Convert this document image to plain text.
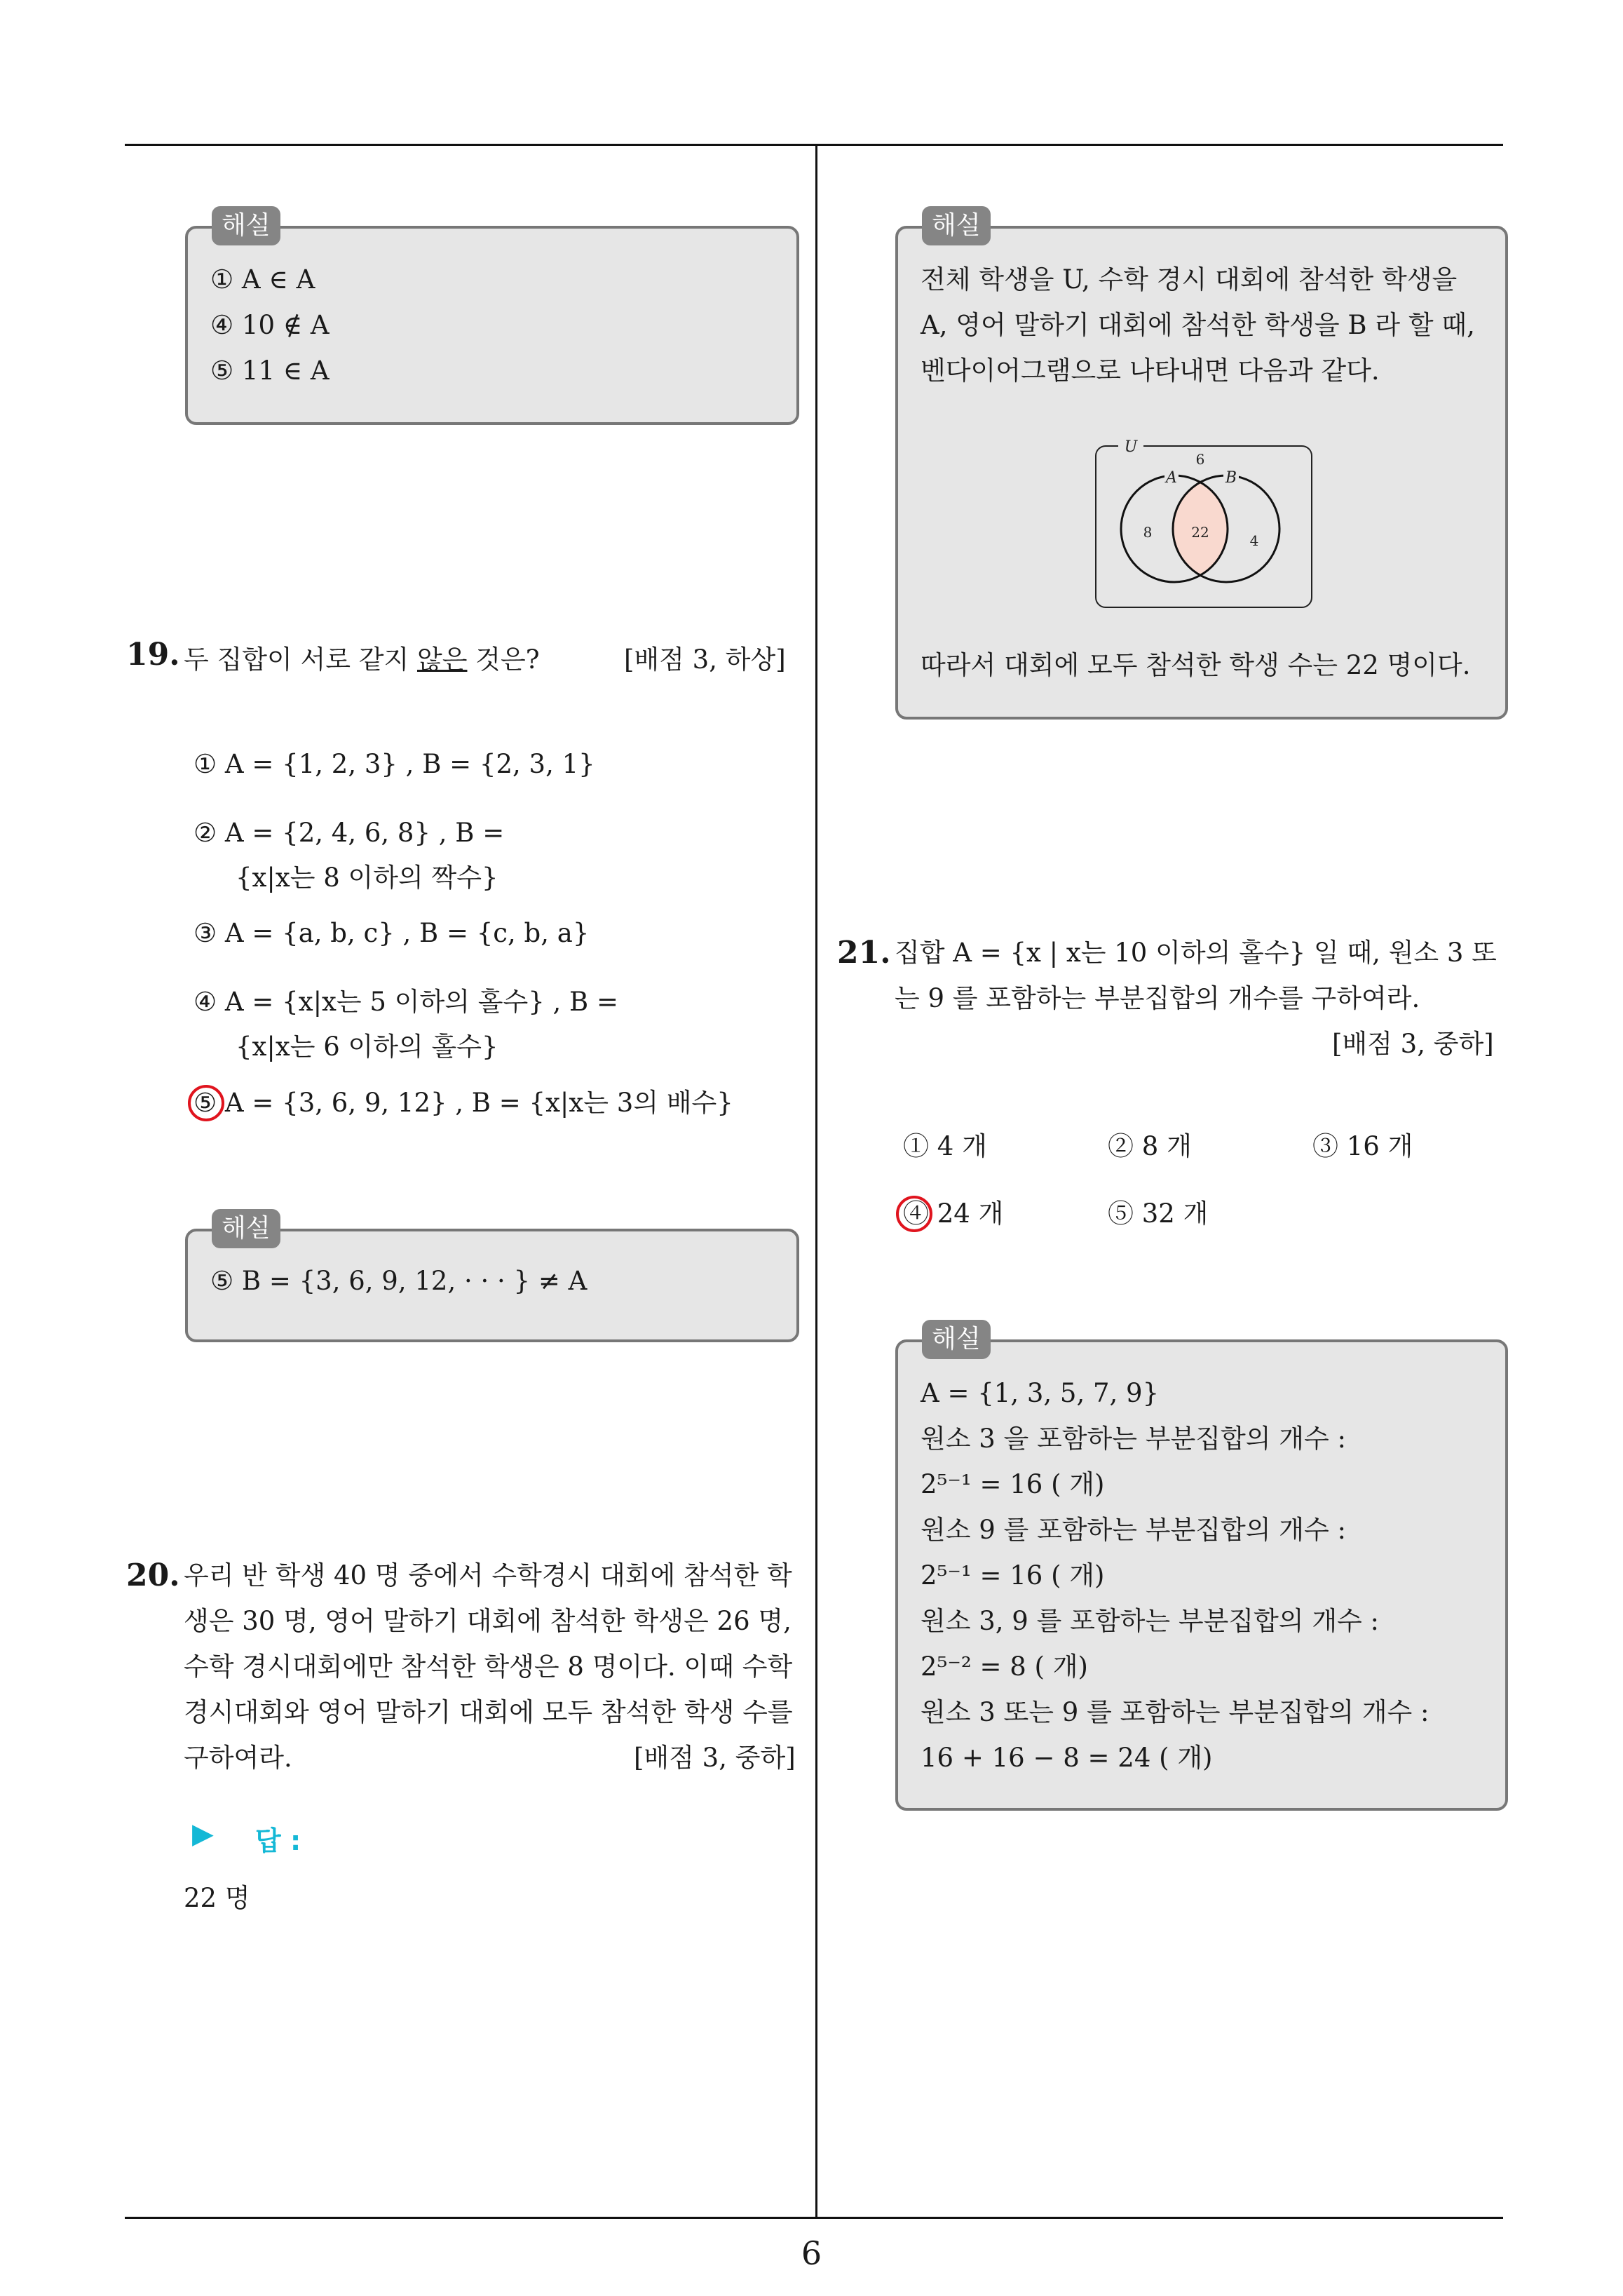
해설
① A ∈ A
④ 10 ∉ A
⑤ 11 ∈ A
19. 두 집합이 서로 같지 않은 것은?	[배점 3, 하상]
① A = {1, 2, 3} , B = {2, 3, 1}
② A = {2, 4, 6, 8} , B =
{x|x는 8 이하의 짝수}
③ A = {a, b, c} , B = {c, b, a}
④ A = {x|x는 5 이하의 홀수} , B =
{x|x는 6 이하의 홀수}
⑤ A = {3, 6, 9, 12} , B = {x|x는 3의 배수}
해설
⑤ B = {3, 6, 9, 12, · · · } ≠ A
20. 우리 반 학생 40 명 중에서 수학경시 대회에 참석한 학
생은 30 명, 영어 말하기 대회에 참석한 학생은 26 명,
수학 경시대회에만 참석한 학생은 8 명이다. 이때 수학
경시대회와 영어 말하기 대회에 모두 참석한 학생 수를
구하여라.	[배점 3, 중하]
▶ 답 :
22 명
해설
전체 학생을 U, 수학 경시 대회에 참석한 학생을
A, 영어 말하기 대회에 참석한 학생을 B 라 할 때,
벤다이어그램으로 나타내면 다음과 같다.
U
A	B
6
8	22	4
따라서 대회에 모두 참석한 학생 수는 22 명이다.
21. 집합 A = {x | x는 10 이하의 홀수} 일 때, 원소 3 또
는 9 를 포함하는 부분집합의 개수를 구하여라.
[배점 3, 중하]
① 4 개	② 8 개	③ 16 개
④ 24 개	⑤ 32 개
해설
A = {1, 3, 5, 7, 9}
원소 3 을 포함하는 부분집합의 개수 :
2⁵⁻¹ = 16 ( 개)
원소 9 를 포함하는 부분집합의 개수 :
2⁵⁻¹ = 16 ( 개)
원소 3, 9 를 포함하는 부분집합의 개수 :
2⁵⁻² = 8 ( 개)
원소 3 또는 9 를 포함하는 부분집합의 개수 :
16 + 16 − 8 = 24 ( 개)
6
